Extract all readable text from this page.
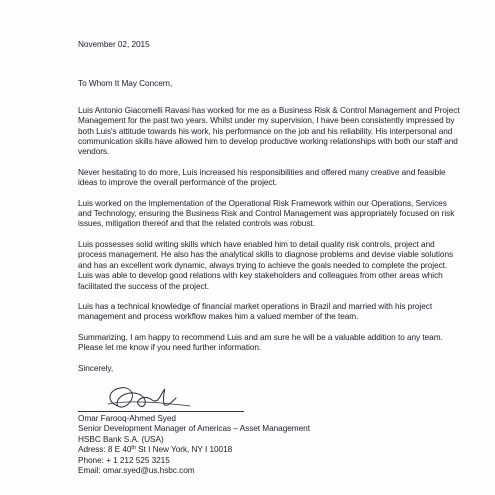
November 02, 2015

To Whom It May Concern,

Luis Antonio Giacomelli Ravasi has worked for me as a Business Risk & Control Management and Project Management for the past two years. Whilst under my supervision, I have been consistently impressed by both Luis's attitude towards his work, his performance on the job and his reliability. His interpersonal and communication skills have allowed him to develop productive working relationships with both our staff and vendors.

Never hesitating to do more, Luis increased his responsibilities and offered many creative and feasible ideas to improve the overall performance of the project.

Luis worked on the implementation of the Operational Risk Framework within our Operations, Services and Technology, ensuring the Business Risk and Control Management was appropriately focused on risk issues, mitigation thereof and that the related controls was robust.

Luis possesses solid writing skills which have enabled him to detail quality risk controls, project and process management. He also has the analytical skills to diagnose problems and devise viable solutions and has an excellent work dynamic, always trying to achieve the goals needed to complete the project. Luis was able to develop good relations with key stakeholders and colleagues from other areas which facilitated the success of the project.

Luis has a technical knowledge of financial market operations in Brazil and married with his project management and process workflow makes him a valued member of the team.

Summarizing, I am happy to recommend Luis and am sure he will be a valuable addition to any team. Please let me know if you need further information.

Sincerely,

Omar Farooq-Ahmed Syed
Senior Development Manager of Americas – Asset Management
HSBC Bank S.A. (USA)
Adress: 8 E 40th St I New York, NY I 10018
Phone: + 1 212 525 3215
Email: omar.syed@us.hsbc.com
